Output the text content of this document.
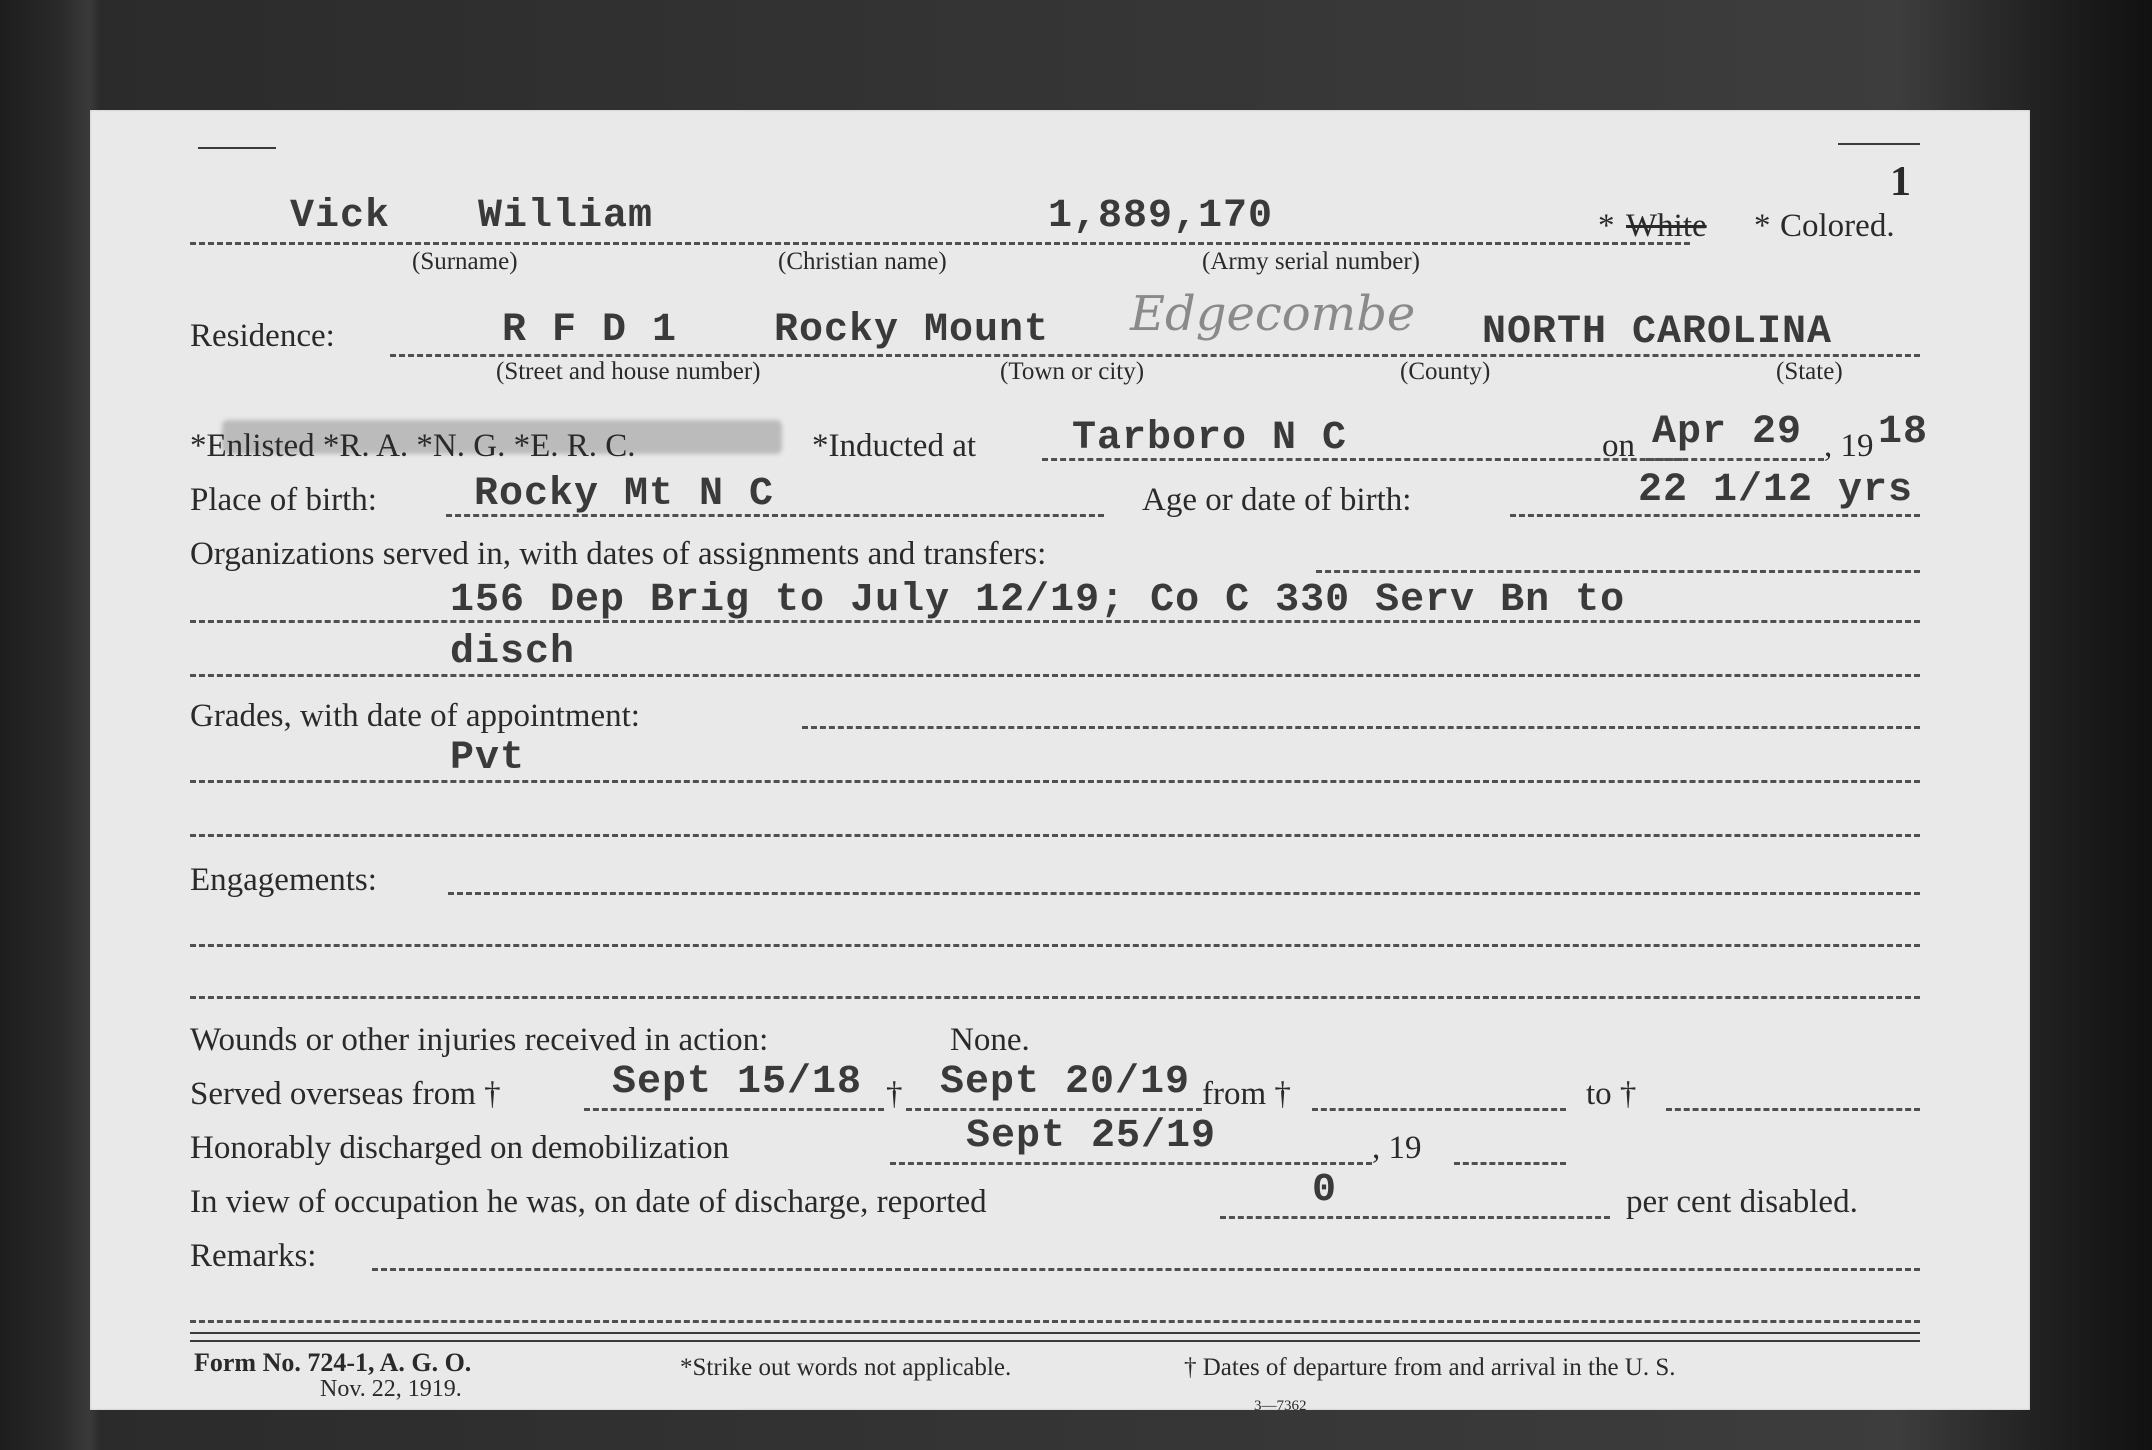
1
Vick William	1,889,170	* White * Colored.
(Surname)	(Christian name)	(Army serial number)
Residence:	R F D 1 Rocky Mount Edgecombe NORTH CAROLINA
(Street and house number)	(Town or city)	(County)	(State)
*Enlisted *R. A. *N. G. *E. R. C.	*Inducted at Tarboro N C	on Apr 29 , 19 18
Place of birth: Rocky Mt N C	Age or date of birth:	22 1/12 yrs
Organizations served in, with dates of assignments and transfers:
156 Dep Brig to July 12/19; Co C 330 Serv Bn to
disch
Grades, with date of appointment:
Pvt
Engagements:
Wounds or other injuries received in action:	None.
Served overseas from †	Sept 15/18 † Sept 20/19 from †	to †
Honorably discharged on demobilization	Sept 25/19	, 19
In view of occupation he was, on date of discharge, reported	0	per cent disabled.
Remarks:
Form No. 724-1, A. G. O.
Nov. 22, 1919.
*Strike out words not applicable.	† Dates of departure from and arrival in the U. S.
3—7362
